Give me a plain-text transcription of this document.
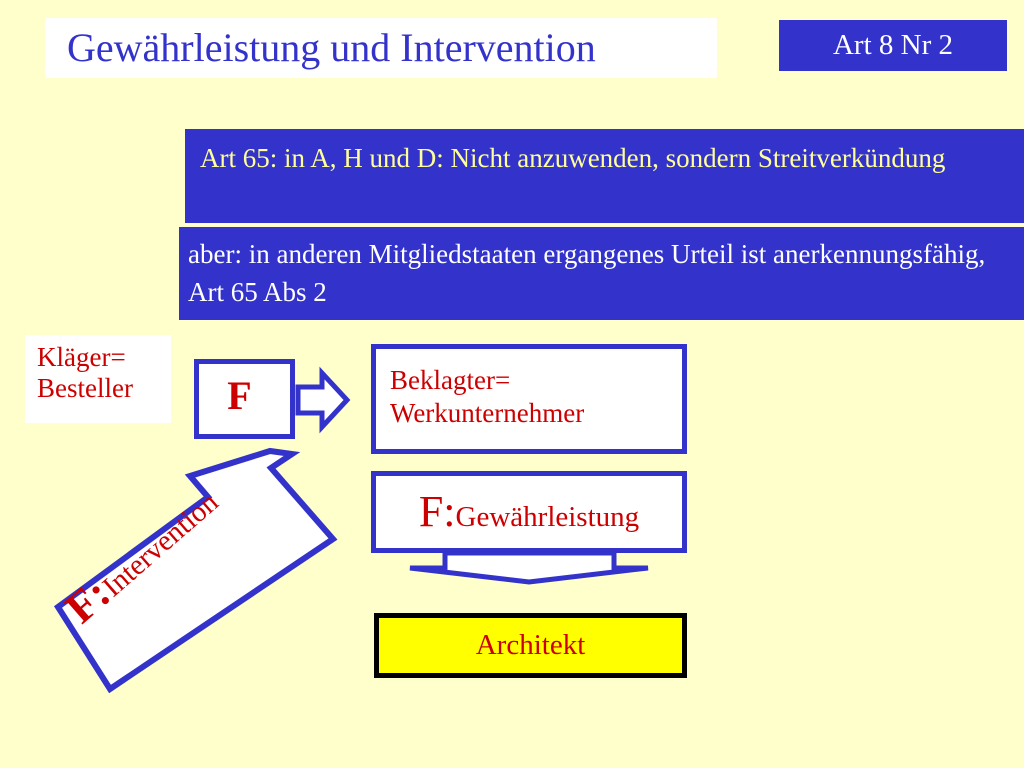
Gewährleistung und Intervention	Art 8 Nr 2
Art 65: in A, H und D: Nicht anzuwenden, sondern Streitverkündung
aber: in anderen Mitgliedstaaten ergangenes Urteil ist anerkennungsfähig, Art 65 Abs 2
Kläger=
Besteller	F	Beklagter=
Werkunternehmer
F:Gewährleistung
Architekt
F:Intervention
